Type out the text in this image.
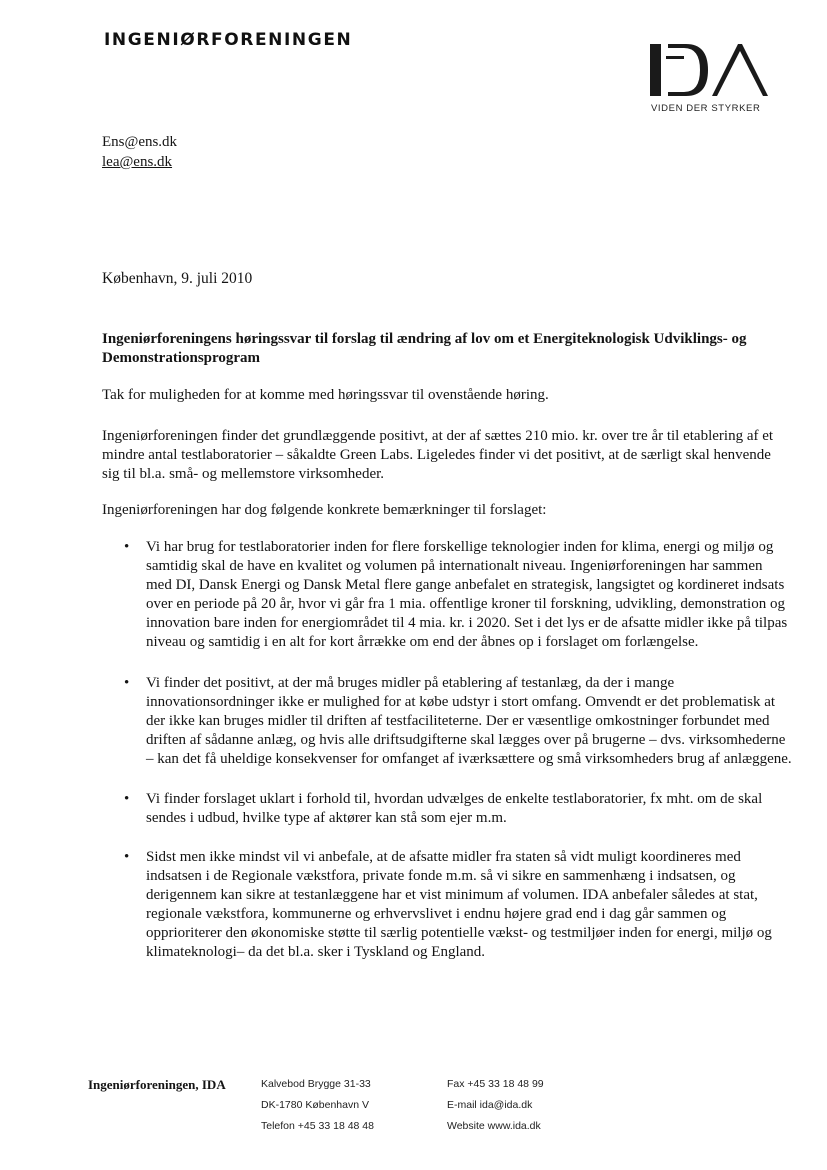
INGENIØRFORENINGEN
VIDEN DER STYRKER
Ens@ens.dk
lea@ens.dk
København, 9. juli 2010
Ingeniørforeningens høringssvar til forslag til ændring af lov om et Energiteknologisk Udviklings- og Demonstrationsprogram
Tak for muligheden for at komme med høringssvar til ovenstående høring.
Ingeniørforeningen finder det grundlæggende positivt, at der af sættes 210 mio. kr. over tre år til etablering af et mindre antal testlaboratorier – såkaldte Green Labs. Ligeledes finder vi det positivt, at de særligt skal henvende sig til bl.a. små- og mellemstore virksomheder.
Ingeniørforeningen har dog følgende konkrete bemærkninger til forslaget:
• Vi har brug for testlaboratorier inden for flere forskellige teknologier inden for klima, energi og miljø og samtidig skal de have en kvalitet og volumen på internationalt niveau. Ingeniørforeningen har sammen med DI, Dansk Energi og Dansk Metal flere gange anbefalet en strategisk, langsigtet og kordineret indsats over en periode på 20 år, hvor vi går fra 1 mia. offentlige kroner til forskning, udvikling, demonstration og innovation bare inden for energiområdet til 4 mia. kr. i 2020. Set i det lys er de afsatte midler ikke på tilpas niveau og samtidig i en alt for kort årrække om end der åbnes op i forslaget om forlængelse.
• Vi finder det positivt, at der må bruges midler på etablering af testanlæg, da der i mange innovationsordninger ikke er mulighed for at købe udstyr i stort omfang. Omvendt er det problematisk at der ikke kan bruges midler til driften af testfaciliteterne. Der er væsentlige omkostninger forbundet med driften af sådanne anlæg, og hvis alle driftsudgifterne skal lægges over på brugerne – dvs. virksomhederne – kan det få uheldige konsekvenser for omfanget af iværksættere og små virksomheders brug af anlæggene.
• Vi finder forslaget uklart i forhold til, hvordan udvælges de enkelte testlaboratorier, fx mht. om de skal sendes i udbud, hvilke type af aktører kan stå som ejer m.m.
• Sidst men ikke mindst vil vi anbefale, at de afsatte midler fra staten så vidt muligt koordineres med indsatsen i de Regionale vækstfora, private fonde m.m. så vi sikre en sammenhæng i indsatsen, og derigennem kan sikre at testanlæggene har et vist minimum af volumen. IDA anbefaler således at stat, regionale vækstfora, kommunerne og erhvervslivet i endnu højere grad end i dag går sammen og opprioriterer den økonomiske støtte til særlig potentielle vækst- og testmiljøer inden for energi, miljø og klimateknologi– da det bl.a. sker i Tyskland og England.
Ingeniørforeningen, IDA	Kalvebod Brygge 31-33
DK-1780 København V
Telefon +45 33 18 48 48
Fax +45 33 18 48 99
E-mail ida@ida.dk
Website www.ida.dk
